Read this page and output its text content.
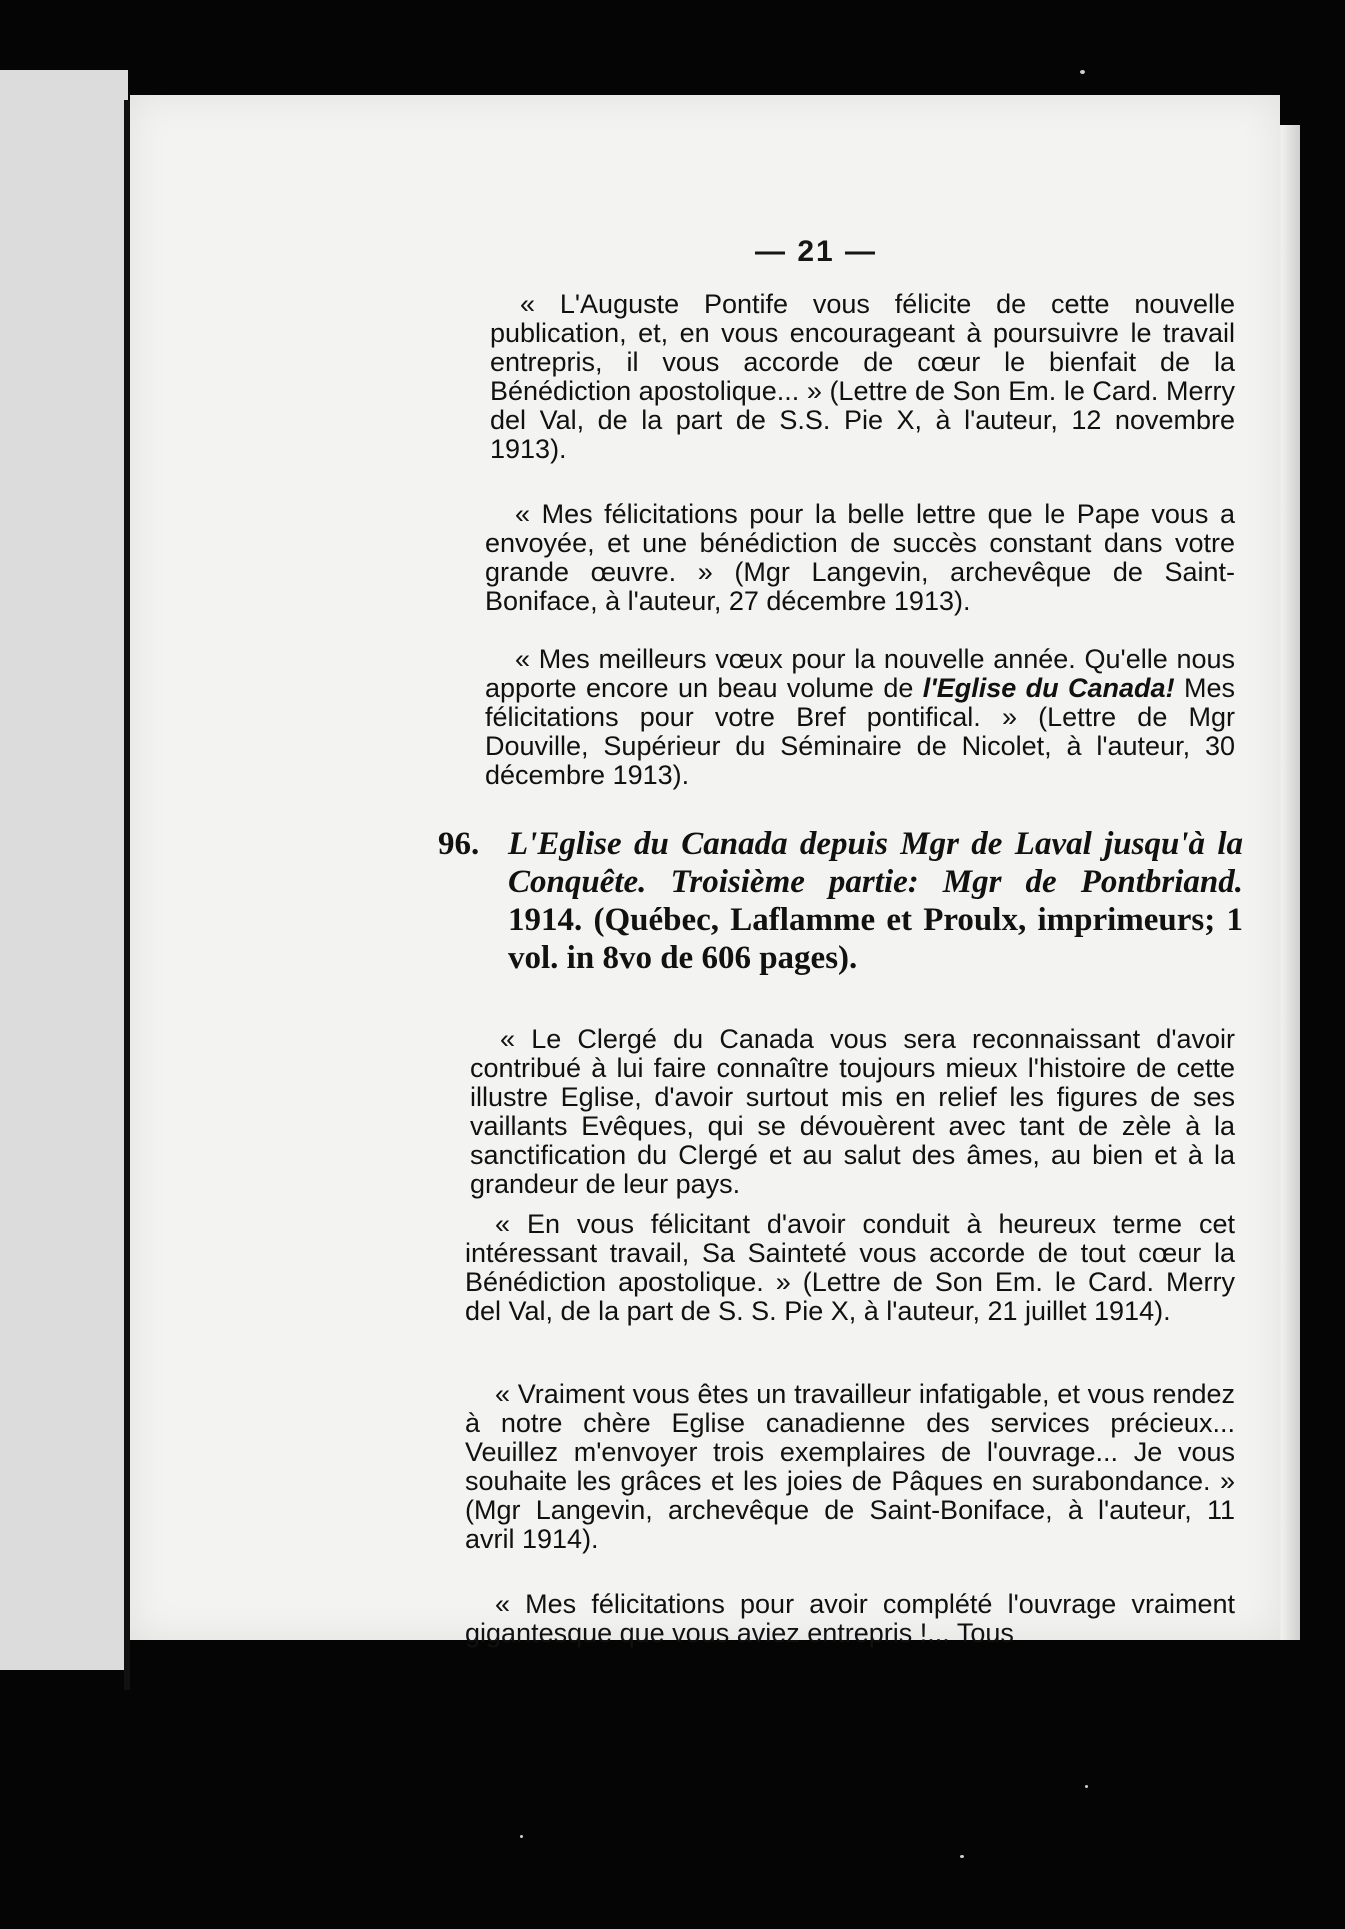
— 21 —

« L'Auguste Pontife vous félicite de cette nouvelle publication, et, en vous encourageant à poursuivre le travail entrepris, il vous accorde de cœur le bienfait de la Bénédiction apostolique... » (Lettre de Son Em. le Card. Merry del Val, de la part de S.S. Pie X, à l'auteur, 12 novembre 1913).

« Mes félicitations pour la belle lettre que le Pape vous a envoyée, et une bénédiction de succès constant dans votre grande œuvre. » (Mgr Langevin, archevêque de Saint-Boniface, à l'auteur, 27 décembre 1913).

« Mes meilleurs vœux pour la nouvelle année. Qu'elle nous apporte encore un beau volume de l'Eglise du Canada! Mes félicitations pour votre Bref pontifical. » (Lettre de Mgr Douville, Supérieur du Séminaire de Nicolet, à l'auteur, 30 décembre 1913).

96. L'Eglise du Canada depuis Mgr de Laval jusqu'à la Conquête. Troisième partie: Mgr de Pontbriand. 1914. (Québec, Laflamme et Proulx, imprimeurs; 1 vol. in 8vo de 606 pages).

« Le Clergé du Canada vous sera reconnaissant d'avoir contribué à lui faire connaître toujours mieux l'histoire de cette illustre Eglise, d'avoir surtout mis en relief les figures de ses vaillants Evêques, qui se dévouèrent avec tant de zèle à la sanctification du Clergé et au salut des âmes, au bien et à la grandeur de leur pays.

« En vous félicitant d'avoir conduit à heureux terme cet intéressant travail, Sa Sainteté vous accorde de tout cœur la Bénédiction apostolique. » (Lettre de Son Em. le Card. Merry del Val, de la part de S. S. Pie X, à l'auteur, 21 juillet 1914).

« Vraiment vous êtes un travailleur infatigable, et vous rendez à notre chère Eglise canadienne des services précieux... Veuillez m'envoyer trois exemplaires de l'ouvrage... Je vous souhaite les grâces et les joies de Pâques en surabondance. » (Mgr Langevin, archevêque de Saint-Boniface, à l'auteur, 11 avril 1914).

« Mes félicitations pour avoir complété l'ouvrage vraiment gigantesque que vous aviez entrepris !... Tous
